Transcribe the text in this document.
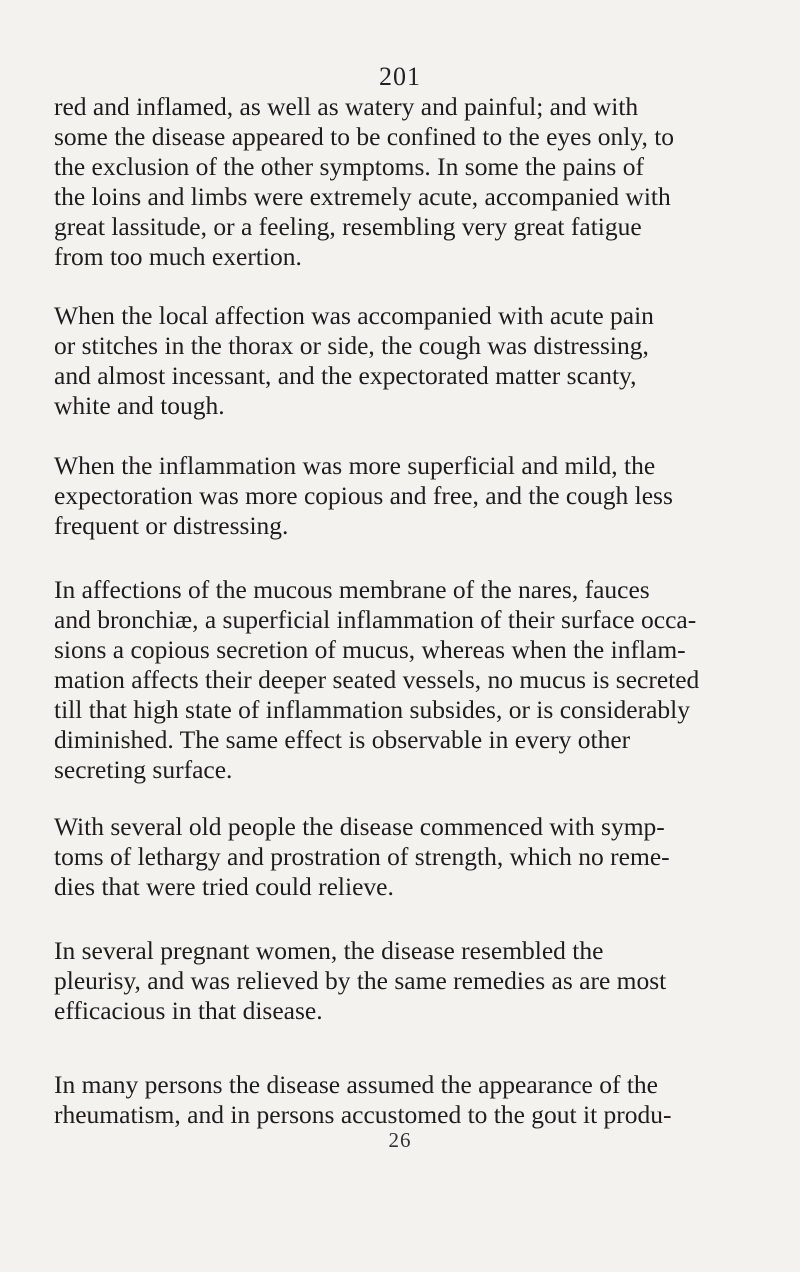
201
red and inflamed, as well as watery and painful; and with
some the disease appeared to be confined to the eyes only, to
the exclusion of the other symptoms. In some the pains of
the loins and limbs were extremely acute, accompanied with
great lassitude, or a feeling, resembling very great fatigue
from too much exertion.
When the local affection was accompanied with acute pain
or stitches in the thorax or side, the cough was distressing,
and almost incessant, and the expectorated matter scanty,
white and tough.
When the inflammation was more superficial and mild, the
expectoration was more copious and free, and the cough less
frequent or distressing.
In affections of the mucous membrane of the nares, fauces
and bronchiæ, a superficial inflammation of their surface occa-
sions a copious secretion of mucus, whereas when the inflam-
mation affects their deeper seated vessels, no mucus is secreted
till that high state of inflammation subsides, or is considerably
diminished. The same effect is observable in every other
secreting surface.
With several old people the disease commenced with symp-
toms of lethargy and prostration of strength, which no reme-
dies that were tried could relieve.
In several pregnant women, the disease resembled the
pleurisy, and was relieved by the same remedies as are most
efficacious in that disease.
In many persons the disease assumed the appearance of the
rheumatism, and in persons accustomed to the gout it produ-
26
